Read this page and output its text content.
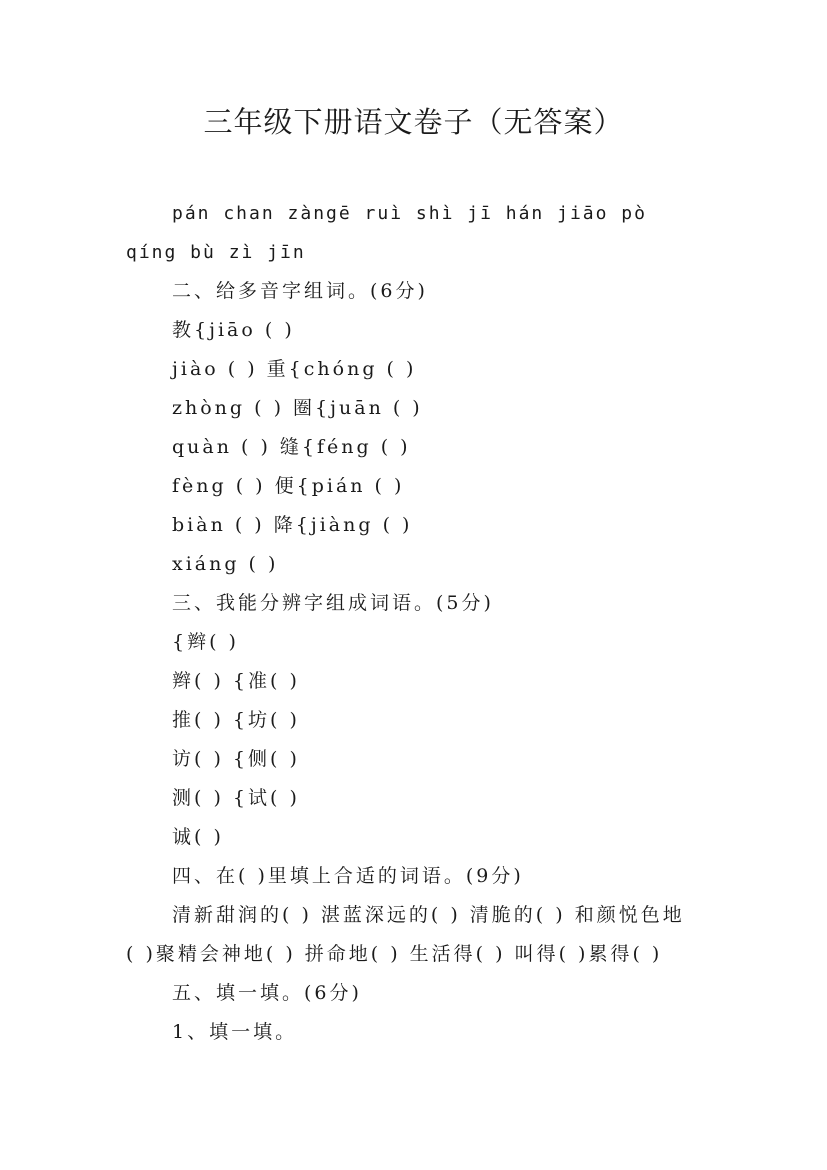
三年级下册语文卷子（无答案）
pán chan zàngē ruì shì jī hán jiāo pò
qíng bù zì jīn
二、给多音字组词。(6分)
教{jiāo ( )
jiào ( ) 重{chóng ( )
zhòng ( ) 圈{juān ( )
quàn ( ) 缝{féng ( )
fèng ( ) 便{pián ( )
biàn ( ) 降{jiàng ( )
xiáng ( )
三、我能分辨字组成词语。(5分)
{辫( )
辫( ) {准( )
推( ) {坊( )
访( ) {侧( )
测( ) {试( )
诚( )
四、在( )里填上合适的词语。(9分)
清新甜润的( ) 湛蓝深远的( ) 清脆的( ) 和颜悦色地
( )聚精会神地( ) 拼命地( ) 生活得( ) 叫得( )累得( )
五、填一填。(6分)
1、填一填。
